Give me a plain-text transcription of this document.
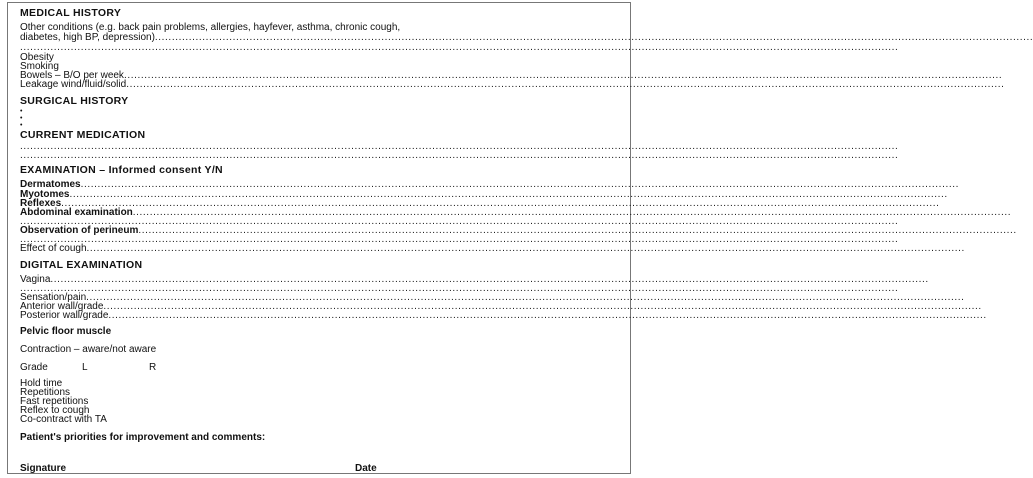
MEDICAL HISTORY
Other conditions (e.g. back pain problems, allergies, hayfever, asthma, chronic cough,
diabetes, high BP, depression)....................................................................................................................................................................................................................................................................
....................................................................................................................................................................................................................................................................
Obesity
Smoking
Bowels – B/O per week....................................................................................................................................................................................................................................................................
Leakage wind/fluid/solid....................................................................................................................................................................................................................................................................
SURGICAL HISTORY
•
•
•
CURRENT MEDICATION
....................................................................................................................................................................................................................................................................
....................................................................................................................................................................................................................................................................
EXAMINATION – Informed consent Y/N
Dermatomes....................................................................................................................................................................................................................................................................
Myotomes....................................................................................................................................................................................................................................................................
Reflexes....................................................................................................................................................................................................................................................................
Abdominal examination....................................................................................................................................................................................................................................................................
....................................................................................................................................................................................................................................................................
Observation of perineum....................................................................................................................................................................................................................................................................
....................................................................................................................................................................................................................................................................
Effect of cough....................................................................................................................................................................................................................................................................
DIGITAL EXAMINATION
Vagina....................................................................................................................................................................................................................................................................
....................................................................................................................................................................................................................................................................
Sensation/pain....................................................................................................................................................................................................................................................................
Anterior wall/grade....................................................................................................................................................................................................................................................................
Posterior wall/grade....................................................................................................................................................................................................................................................................
Pelvic floor muscle
Contraction – aware/not aware
Grade	L	R
Hold time
Repetitions
Fast repetitions
Reflex to cough
Co-contract with TA
Patient's priorities for improvement and comments:
Signature	Date
